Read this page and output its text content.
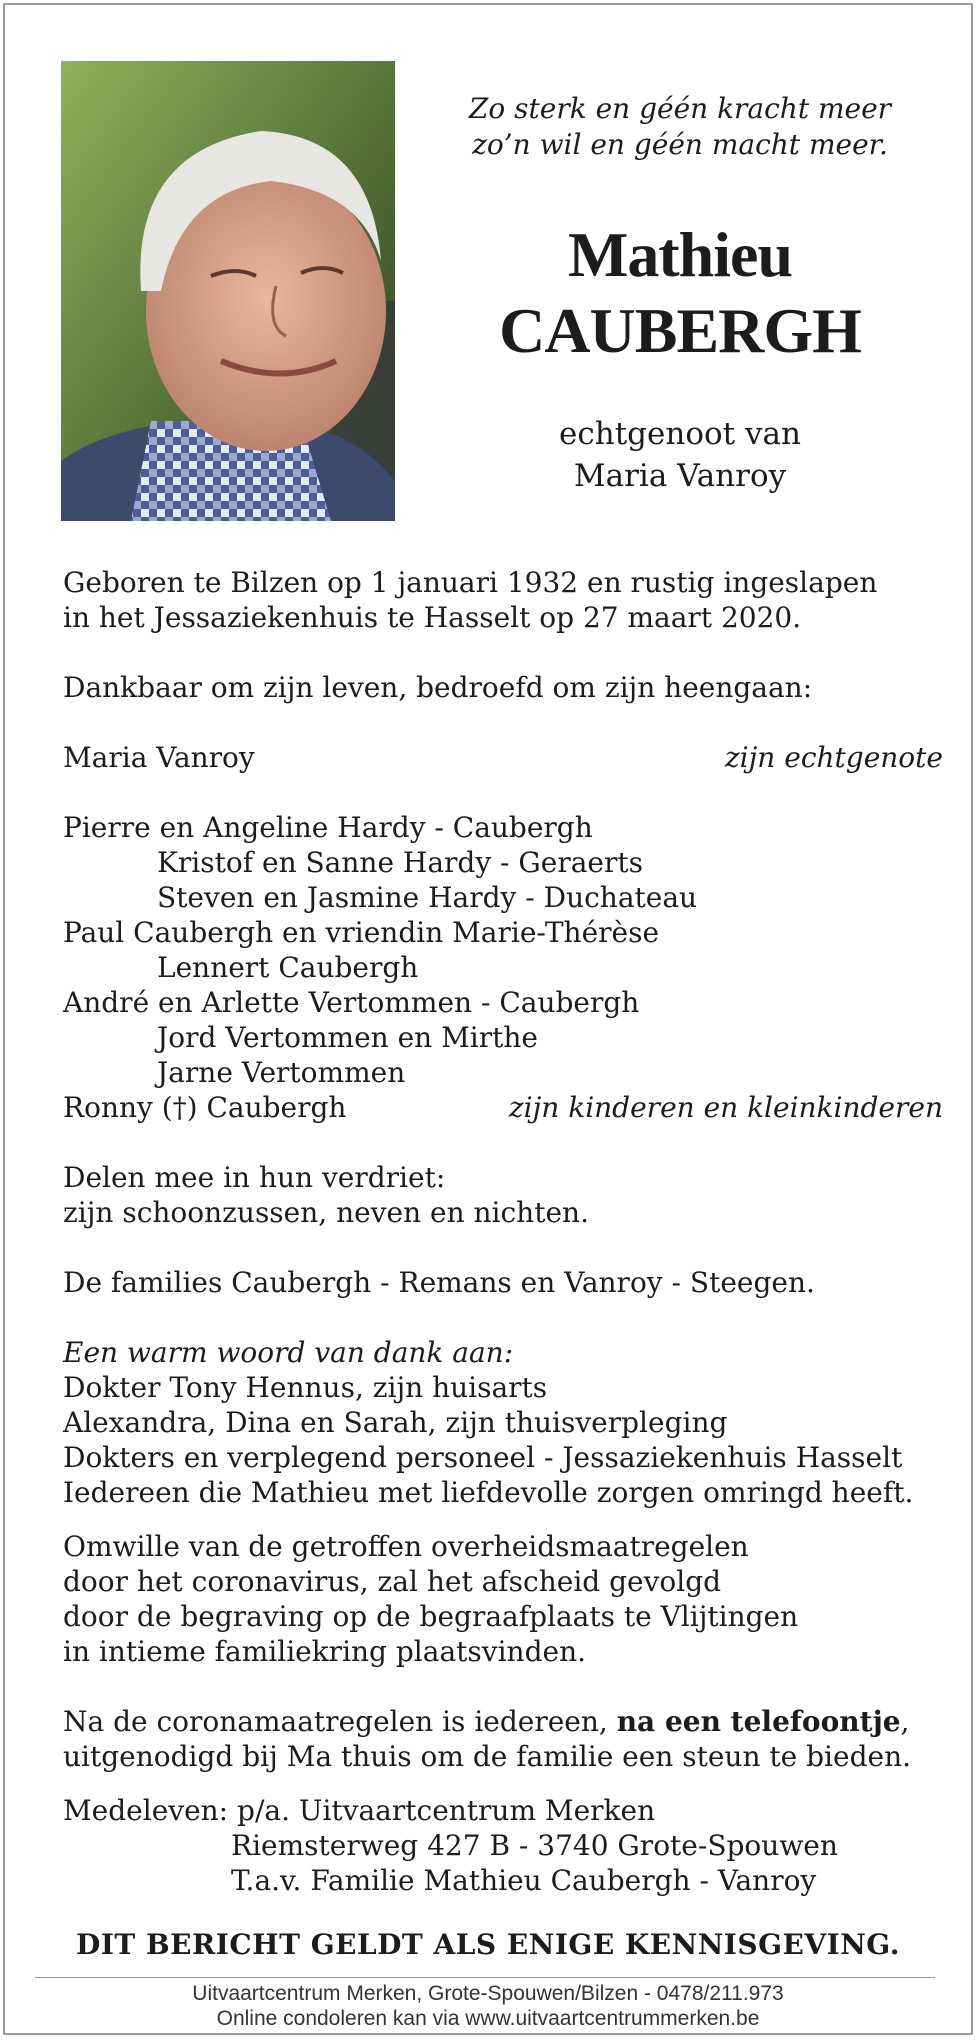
Zo sterk en géén kracht meer
zo’n wil en géén macht meer.
Mathieu
CAUBERGH
echtgenoot van
Maria Vanroy

Geboren te Bilzen op 1 januari 1932 en rustig ingeslapen

in het Jessaziekenhuis te Hasselt op 27 maart 2020.

Dankbaar om zijn leven, bedroefd om zijn heengaan:

Maria Vanroy	zijn echtgenote
Pierre en Angeline Hardy - Caubergh
Kristof en Sanne Hardy - Geraerts
Steven en Jasmine Hardy - Duchateau
Paul Caubergh en vriendin Marie-Thérèse
Lennert Caubergh
André en Arlette Vertommen - Caubergh
Jord Vertommen en Mirthe
Jarne Vertommen
Ronny (†) Caubergh	zijn kinderen en kleinkinderen
Delen mee in hun verdriet:
zijn schoonzussen, neven en nichten.

De families Caubergh - Remans en Vanroy - Steegen.

Een warm woord van dank aan:
Dokter Tony Hennus, zijn huisarts
Alexandra, Dina en Sarah, zijn thuisverpleging
Dokters en verplegend personeel - Jessaziekenhuis Hasselt
Iedereen die Mathieu met liefdevolle zorgen omringd heeft.
Omwille van de getroffen overheidsmaatregelen
door het coronavirus, zal het afscheid gevolgd
door de begraving op de begraafplaats te Vlijtingen
in intieme familiekring plaatsvinden.
Na de coronamaatregelen is iedereen, na een telefoontje,
uitgenodigd bij Ma thuis om de familie een steun te bieden.
Medeleven: p/a. Uitvaartcentrum Merken
Riemsterweg 427 B - 3740 Grote-Spouwen
T.a.v. Familie Mathieu Caubergh - Vanroy
DIT BERICHT GELDT ALS ENIGE KENNISGEVING.
Uitvaartcentrum Merken, Grote-Spouwen/Bilzen - 0478/211.973
Online condoleren kan via www.uitvaartcentrummerken.be
